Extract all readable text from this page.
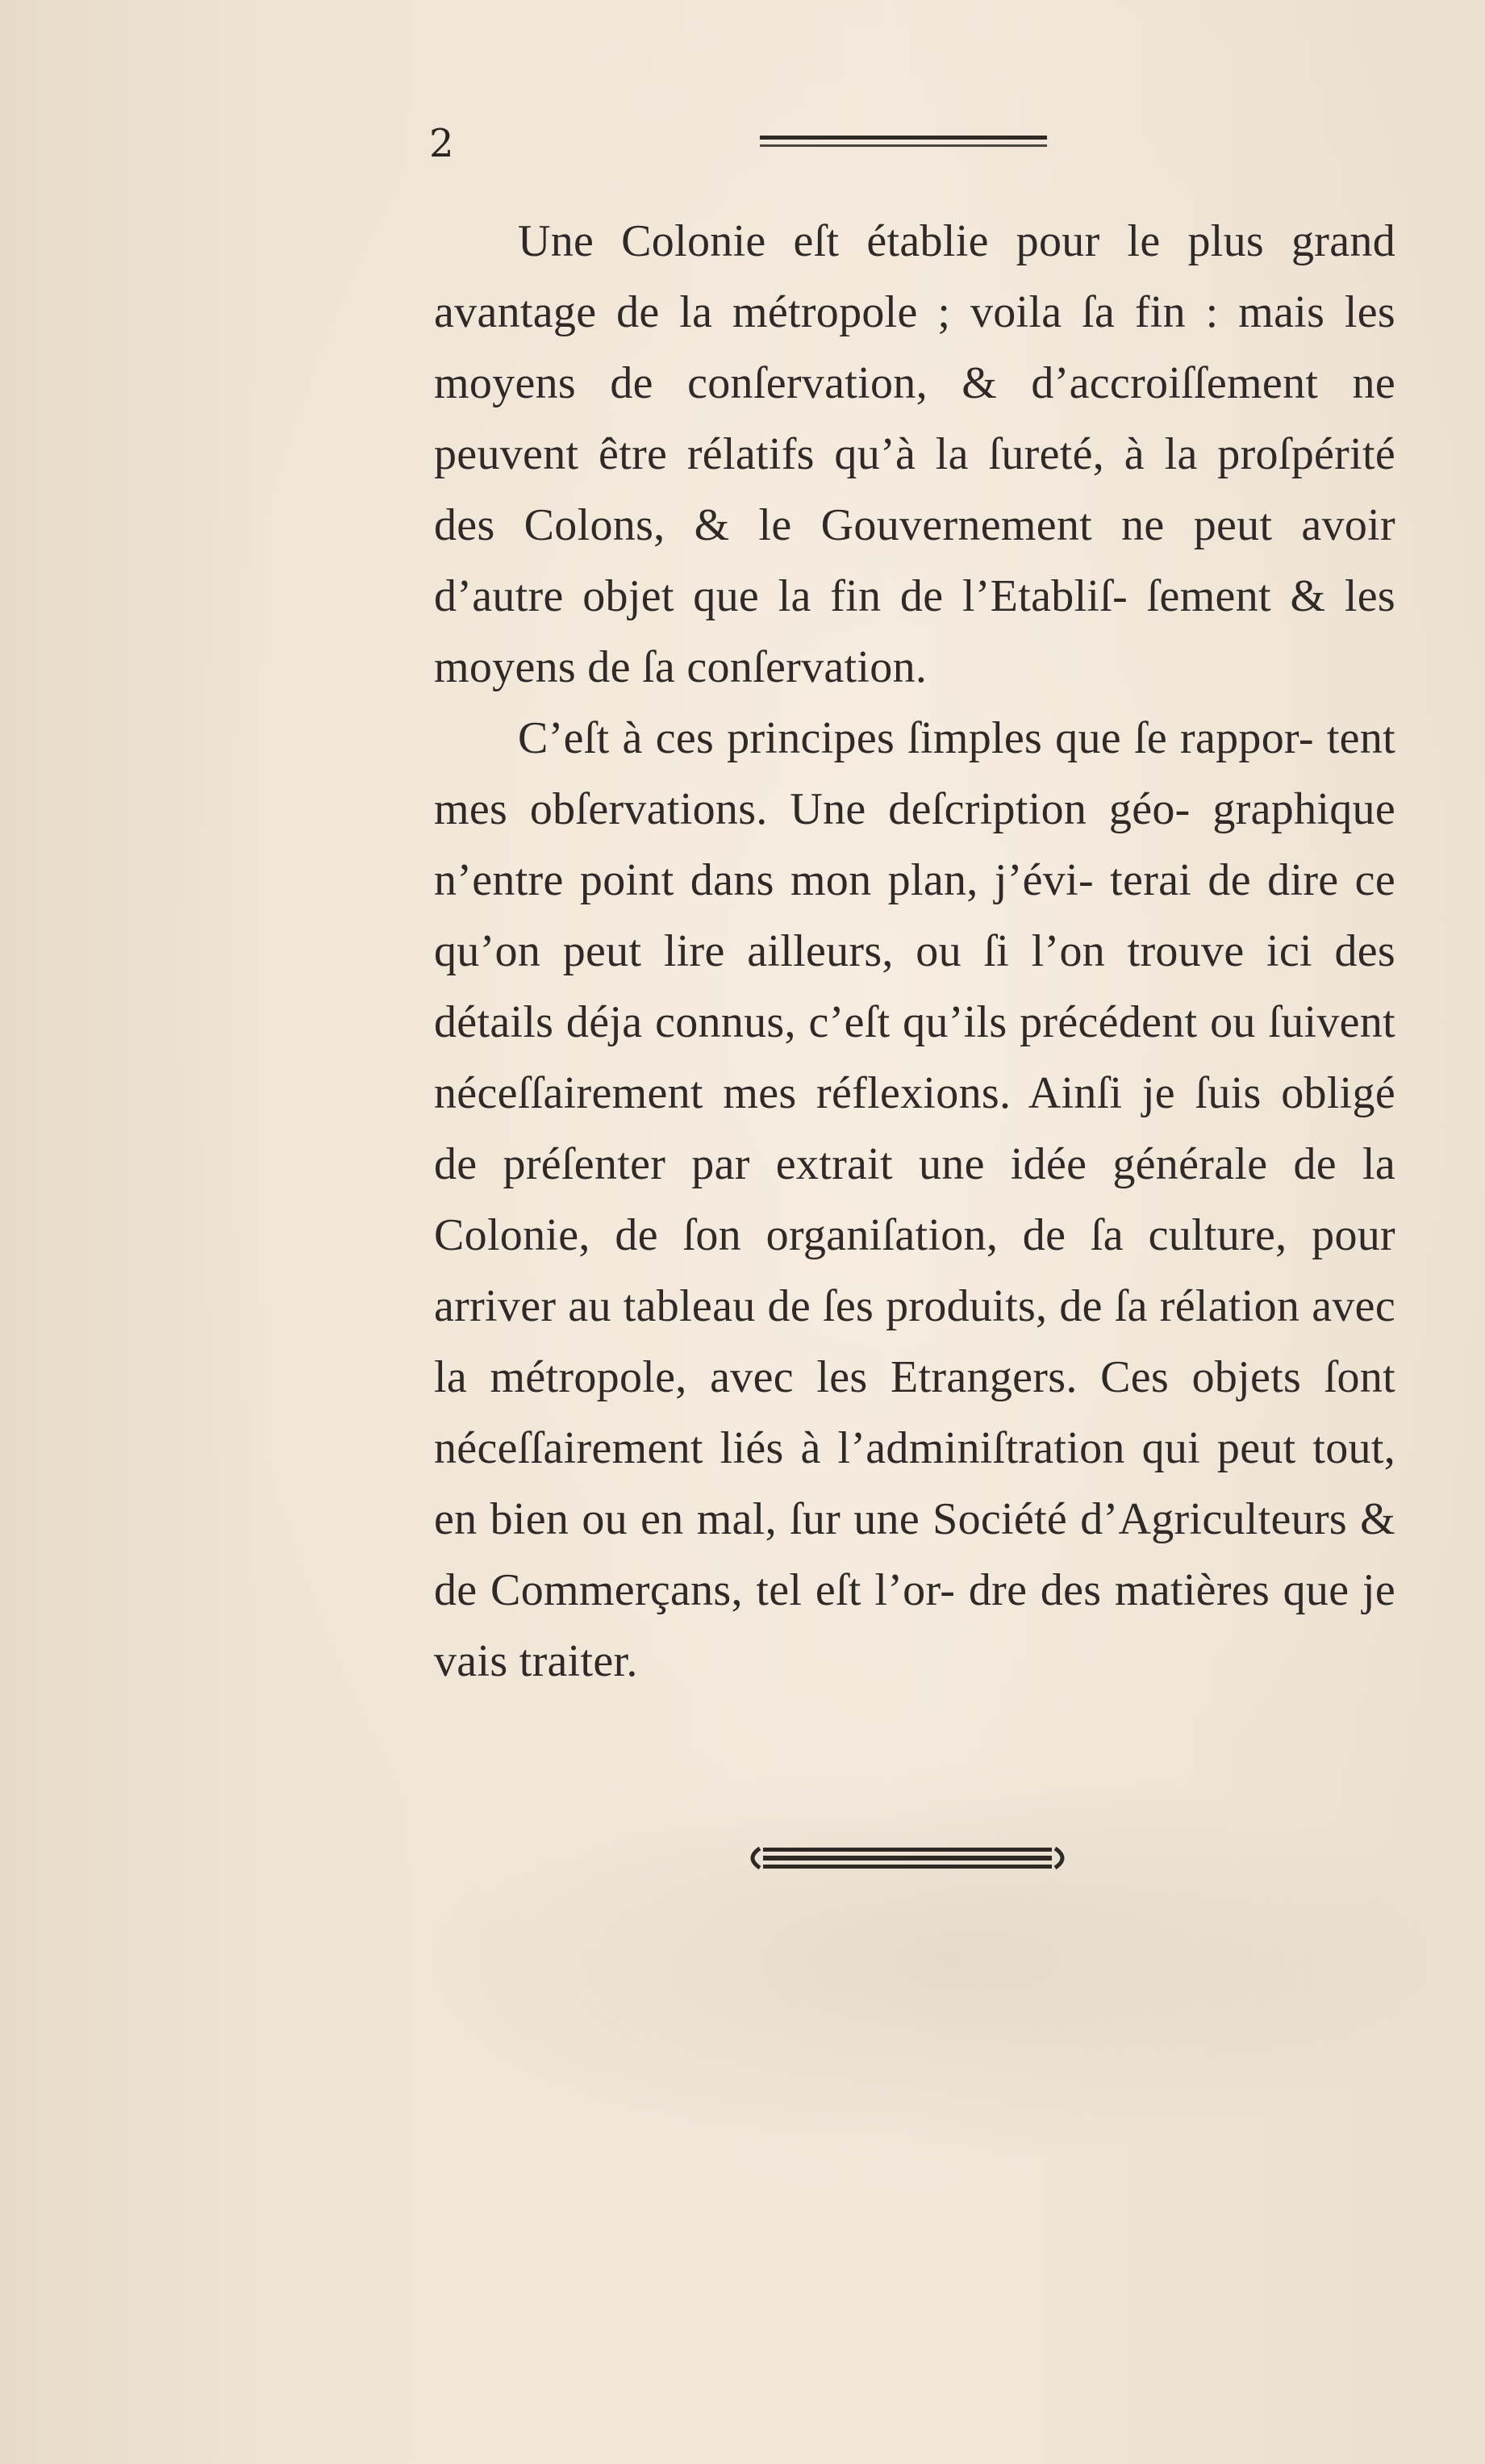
2

Une Colonie eſt établie pour le plus grand avantage de la métropole ; voila ſa fin : mais les moyens de conſervation, & d’accroiſſement ne peuvent être rélatifs qu’à la ſureté, à la proſpérité des Colons, & le Gouvernement ne peut avoir d’autre objet que la fin de l’Etabliſ- ſement & les moyens de ſa conſervation.

C’eſt à ces principes ſimples que ſe rappor- tent mes obſervations. Une deſcription géo- graphique n’entre point dans mon plan, j’évi- terai de dire ce qu’on peut lire ailleurs, ou ſi l’on trouve ici des détails déja connus, c’eſt qu’ils précédent ou ſuivent néceſſairement mes réflexions. Ainſi je ſuis obligé de préſenter par extrait une idée générale de la Colonie, de ſon organiſation, de ſa culture, pour arriver au tableau de ſes produits, de ſa rélation avec la métropole, avec les Etrangers. Ces objets ſont néceſſairement liés à l’adminiſtration qui peut tout, en bien ou en mal, ſur une Société d’Agriculteurs & de Commerçans, tel eſt l’or- dre des matières que je vais traiter.
